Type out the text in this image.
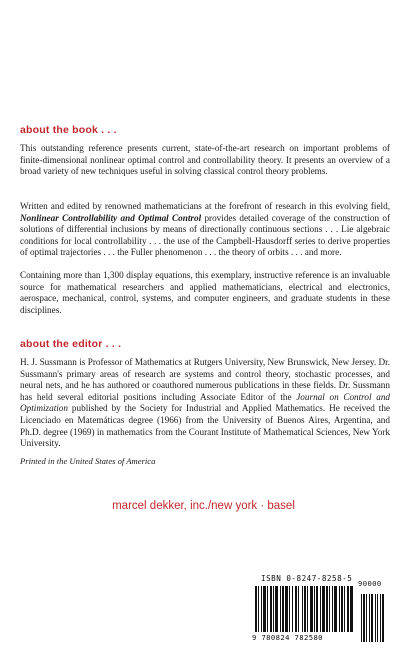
about the book . . .

This outstanding reference presents current, state-of-the-art research on important problems of finite-dimensional nonlinear optimal control and controllability theory. It presents an overview of a broad variety of new techniques useful in solving classical control theory problems.

Written and edited by renowned mathematicians at the forefront of research in this evolving field, Nonlinear Controllability and Optimal Control provides detailed coverage of the construction of solutions of differential inclusions by means of directionally continuous sections . . . Lie algebraic conditions for local controllability . . . the use of the Campbell-Hausdorff series to derive properties of optimal trajectories . . . the Fuller phenomenon . . . the theory of orbits . . . and more.

Containing more than 1,300 display equations, this exemplary, instructive reference is an invaluable source for mathematical researchers and applied mathematicians, electrical and electronics, aerospace, mechanical, control, systems, and computer engineers, and graduate students in these disciplines.

about the editor . . .

H. J. Sussmann is Professor of Mathematics at Rutgers University, New Brunswick, New Jersey. Dr. Sussmann's primary areas of research are systems and control theory, stochastic processes, and neural nets, and he has authored or coauthored numerous publications in these fields. Dr. Sussmann has held several editorial positions including Associate Editor of the Journal on Control and Optimization published by the Society for Industrial and Applied Mathematics. He received the Licenciado en Matemáticas degree (1966) from the University of Buenos Aires, Argentina, and Ph.D. degree (1969) in mathematics from the Courant Institute of Mathematical Sciences, New York University.

Printed in the United States of America
marcel dekker, inc./new york · basel
ISBN 0-8247-8258-5
90000
9 780824 782580
